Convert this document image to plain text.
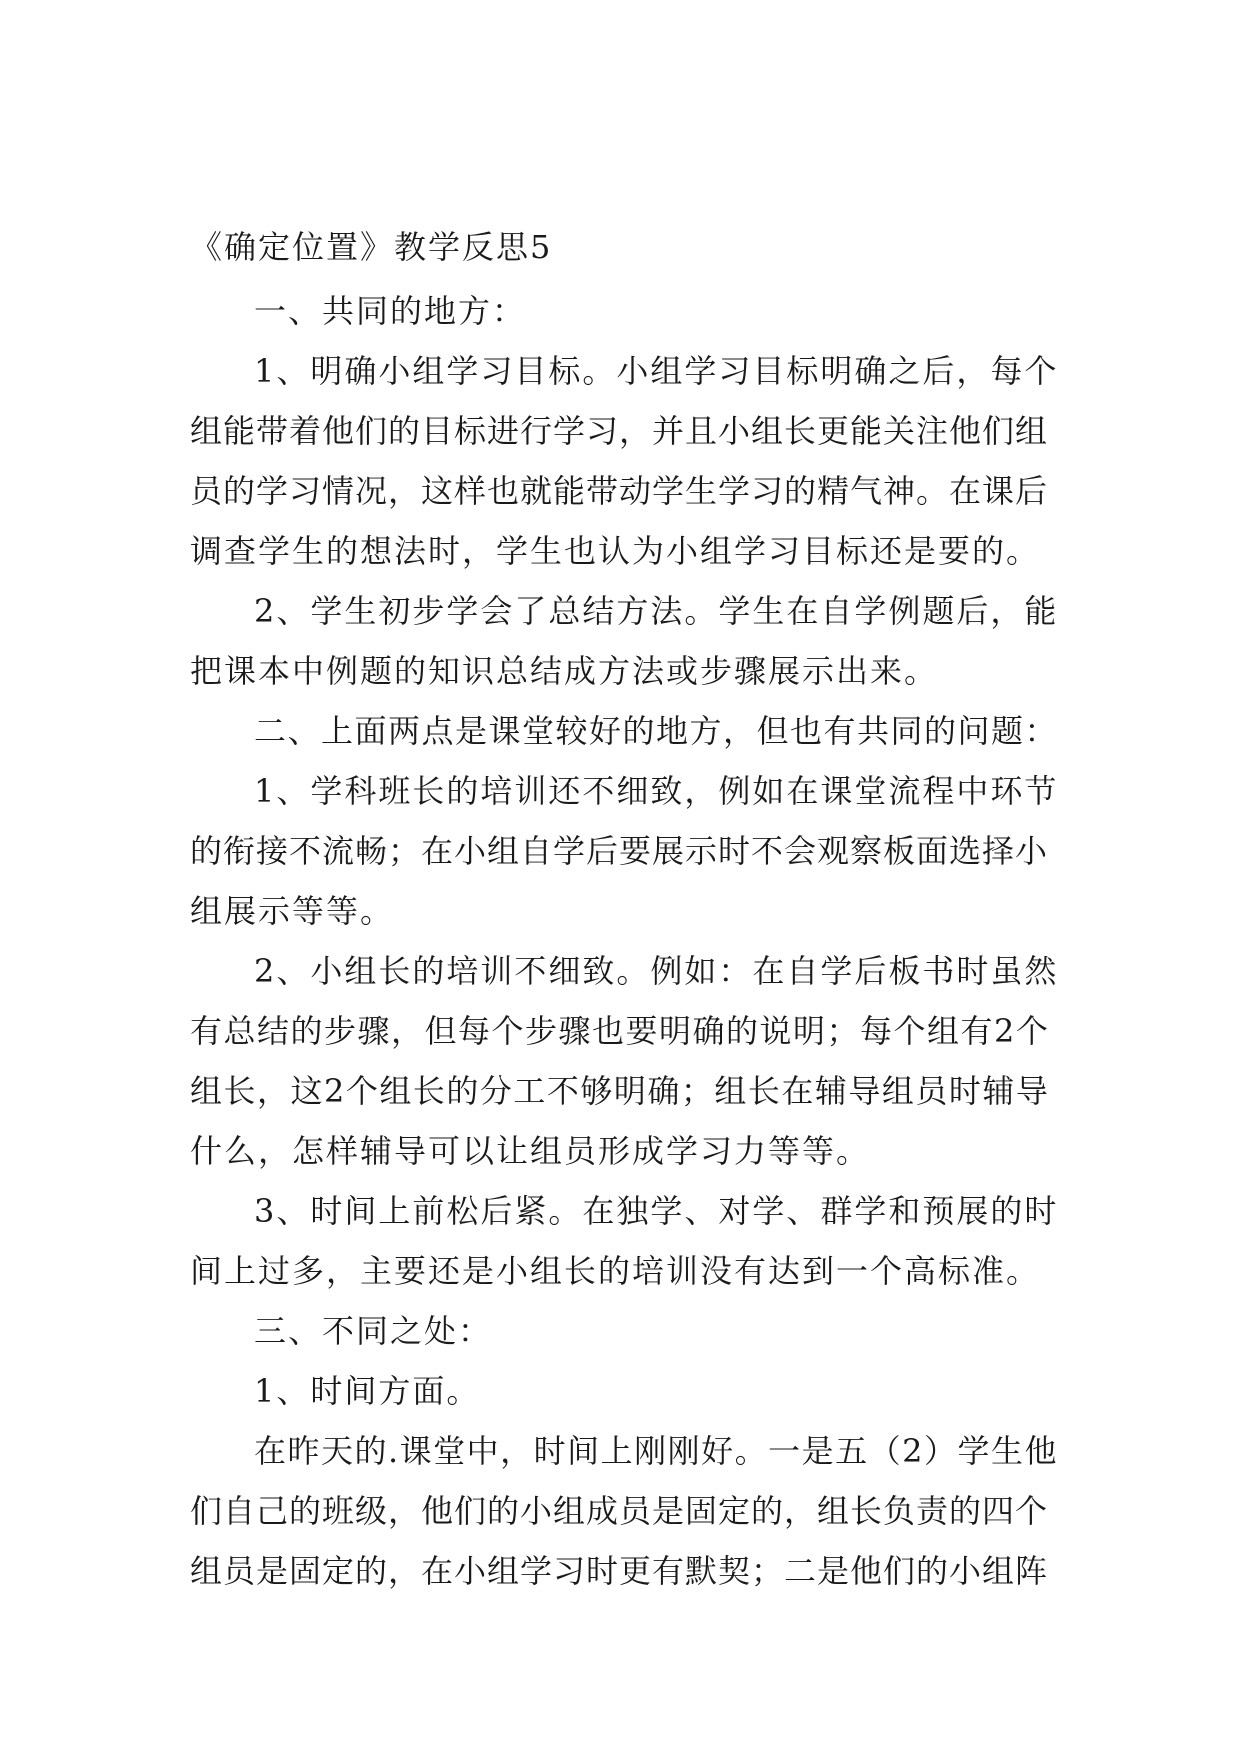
《确定位置》教学反思5

一、共同的地方：

1、明确小组学习目标。小组学习目标明确之后，每个

组能带着他们的目标进行学习，并且小组长更能关注他们组

员的学习情况，这样也就能带动学生学习的精气神。在课后

调查学生的想法时，学生也认为小组学习目标还是要的。

2、学生初步学会了总结方法。学生在自学例题后，能

把课本中例题的知识总结成方法或步骤展示出来。

二、上面两点是课堂较好的地方，但也有共同的问题：

1、学科班长的培训还不细致，例如在课堂流程中环节

的衔接不流畅；在小组自学后要展示时不会观察板面选择小

组展示等等。

2、小组长的培训不细致。例如：在自学后板书时虽然

有总结的步骤，但每个步骤也要明确的说明；每个组有2个

组长，这2个组长的分工不够明确；组长在辅导组员时辅导

什么，怎样辅导可以让组员形成学习力等等。

3、时间上前松后紧。在独学、对学、群学和预展的时

间上过多，主要还是小组长的培训没有达到一个高标准。

三、不同之处：

1、时间方面。

在昨天的.课堂中，时间上刚刚好。一是五（2）学生他

们自己的班级，他们的小组成员是固定的，组长负责的四个

组员是固定的，在小组学习时更有默契；二是他们的小组阵
